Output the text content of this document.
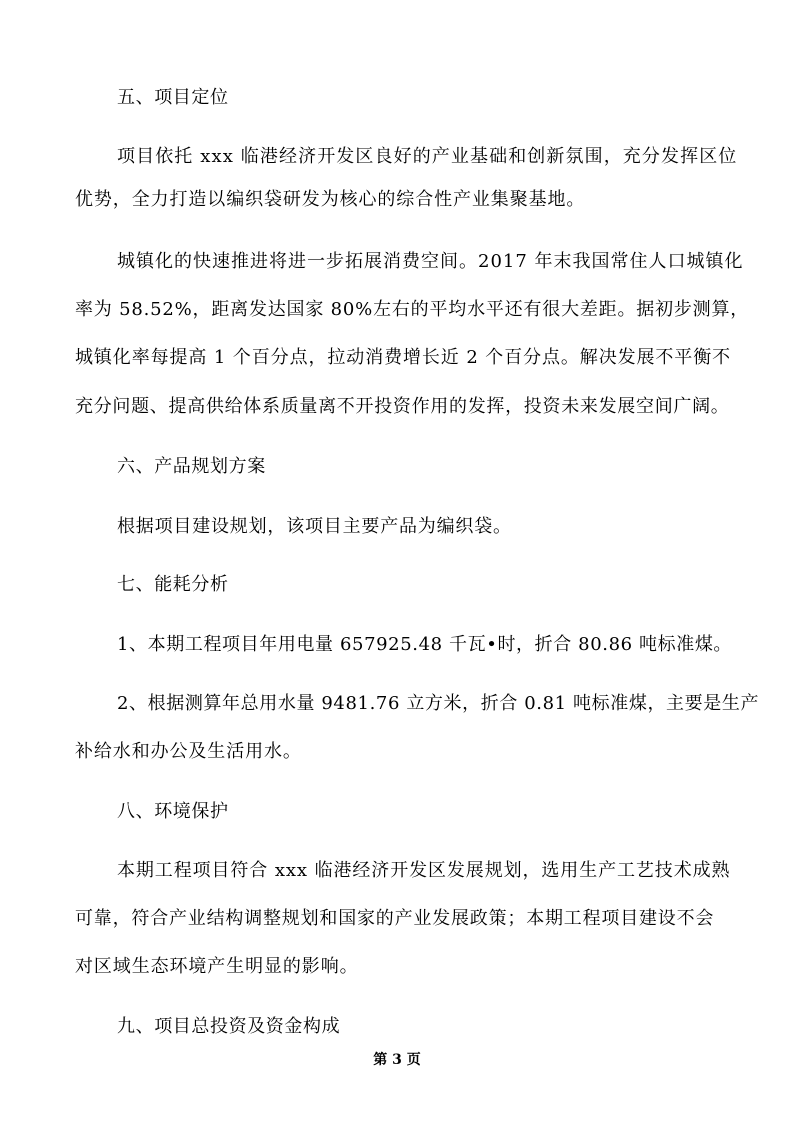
五、项目定位
项目依托 xxx 临港经济开发区良好的产业基础和创新氛围，充分发挥区位
优势，全力打造以编织袋研发为核心的综合性产业集聚基地。
城镇化的快速推进将进一步拓展消费空间。2017 年末我国常住人口城镇化
率为 58.52%，距离发达国家 80%左右的平均水平还有很大差距。据初步测算，
城镇化率每提高 1 个百分点，拉动消费增长近 2 个百分点。解决发展不平衡不
充分问题、提高供给体系质量离不开投资作用的发挥，投资未来发展空间广阔。
六、产品规划方案
根据项目建设规划，该项目主要产品为编织袋。
七、能耗分析
1、本期工程项目年用电量 657925.48 千瓦•时，折合 80.86 吨标准煤。
2、根据测算年总用水量 9481.76 立方米，折合 0.81 吨标准煤，主要是生产
补给水和办公及生活用水。
八、环境保护
本期工程项目符合 xxx 临港经济开发区发展规划，选用生产工艺技术成熟
可靠，符合产业结构调整规划和国家的产业发展政策；本期工程项目建设不会
对区域生态环境产生明显的影响。
九、项目总投资及资金构成
第 3 页
